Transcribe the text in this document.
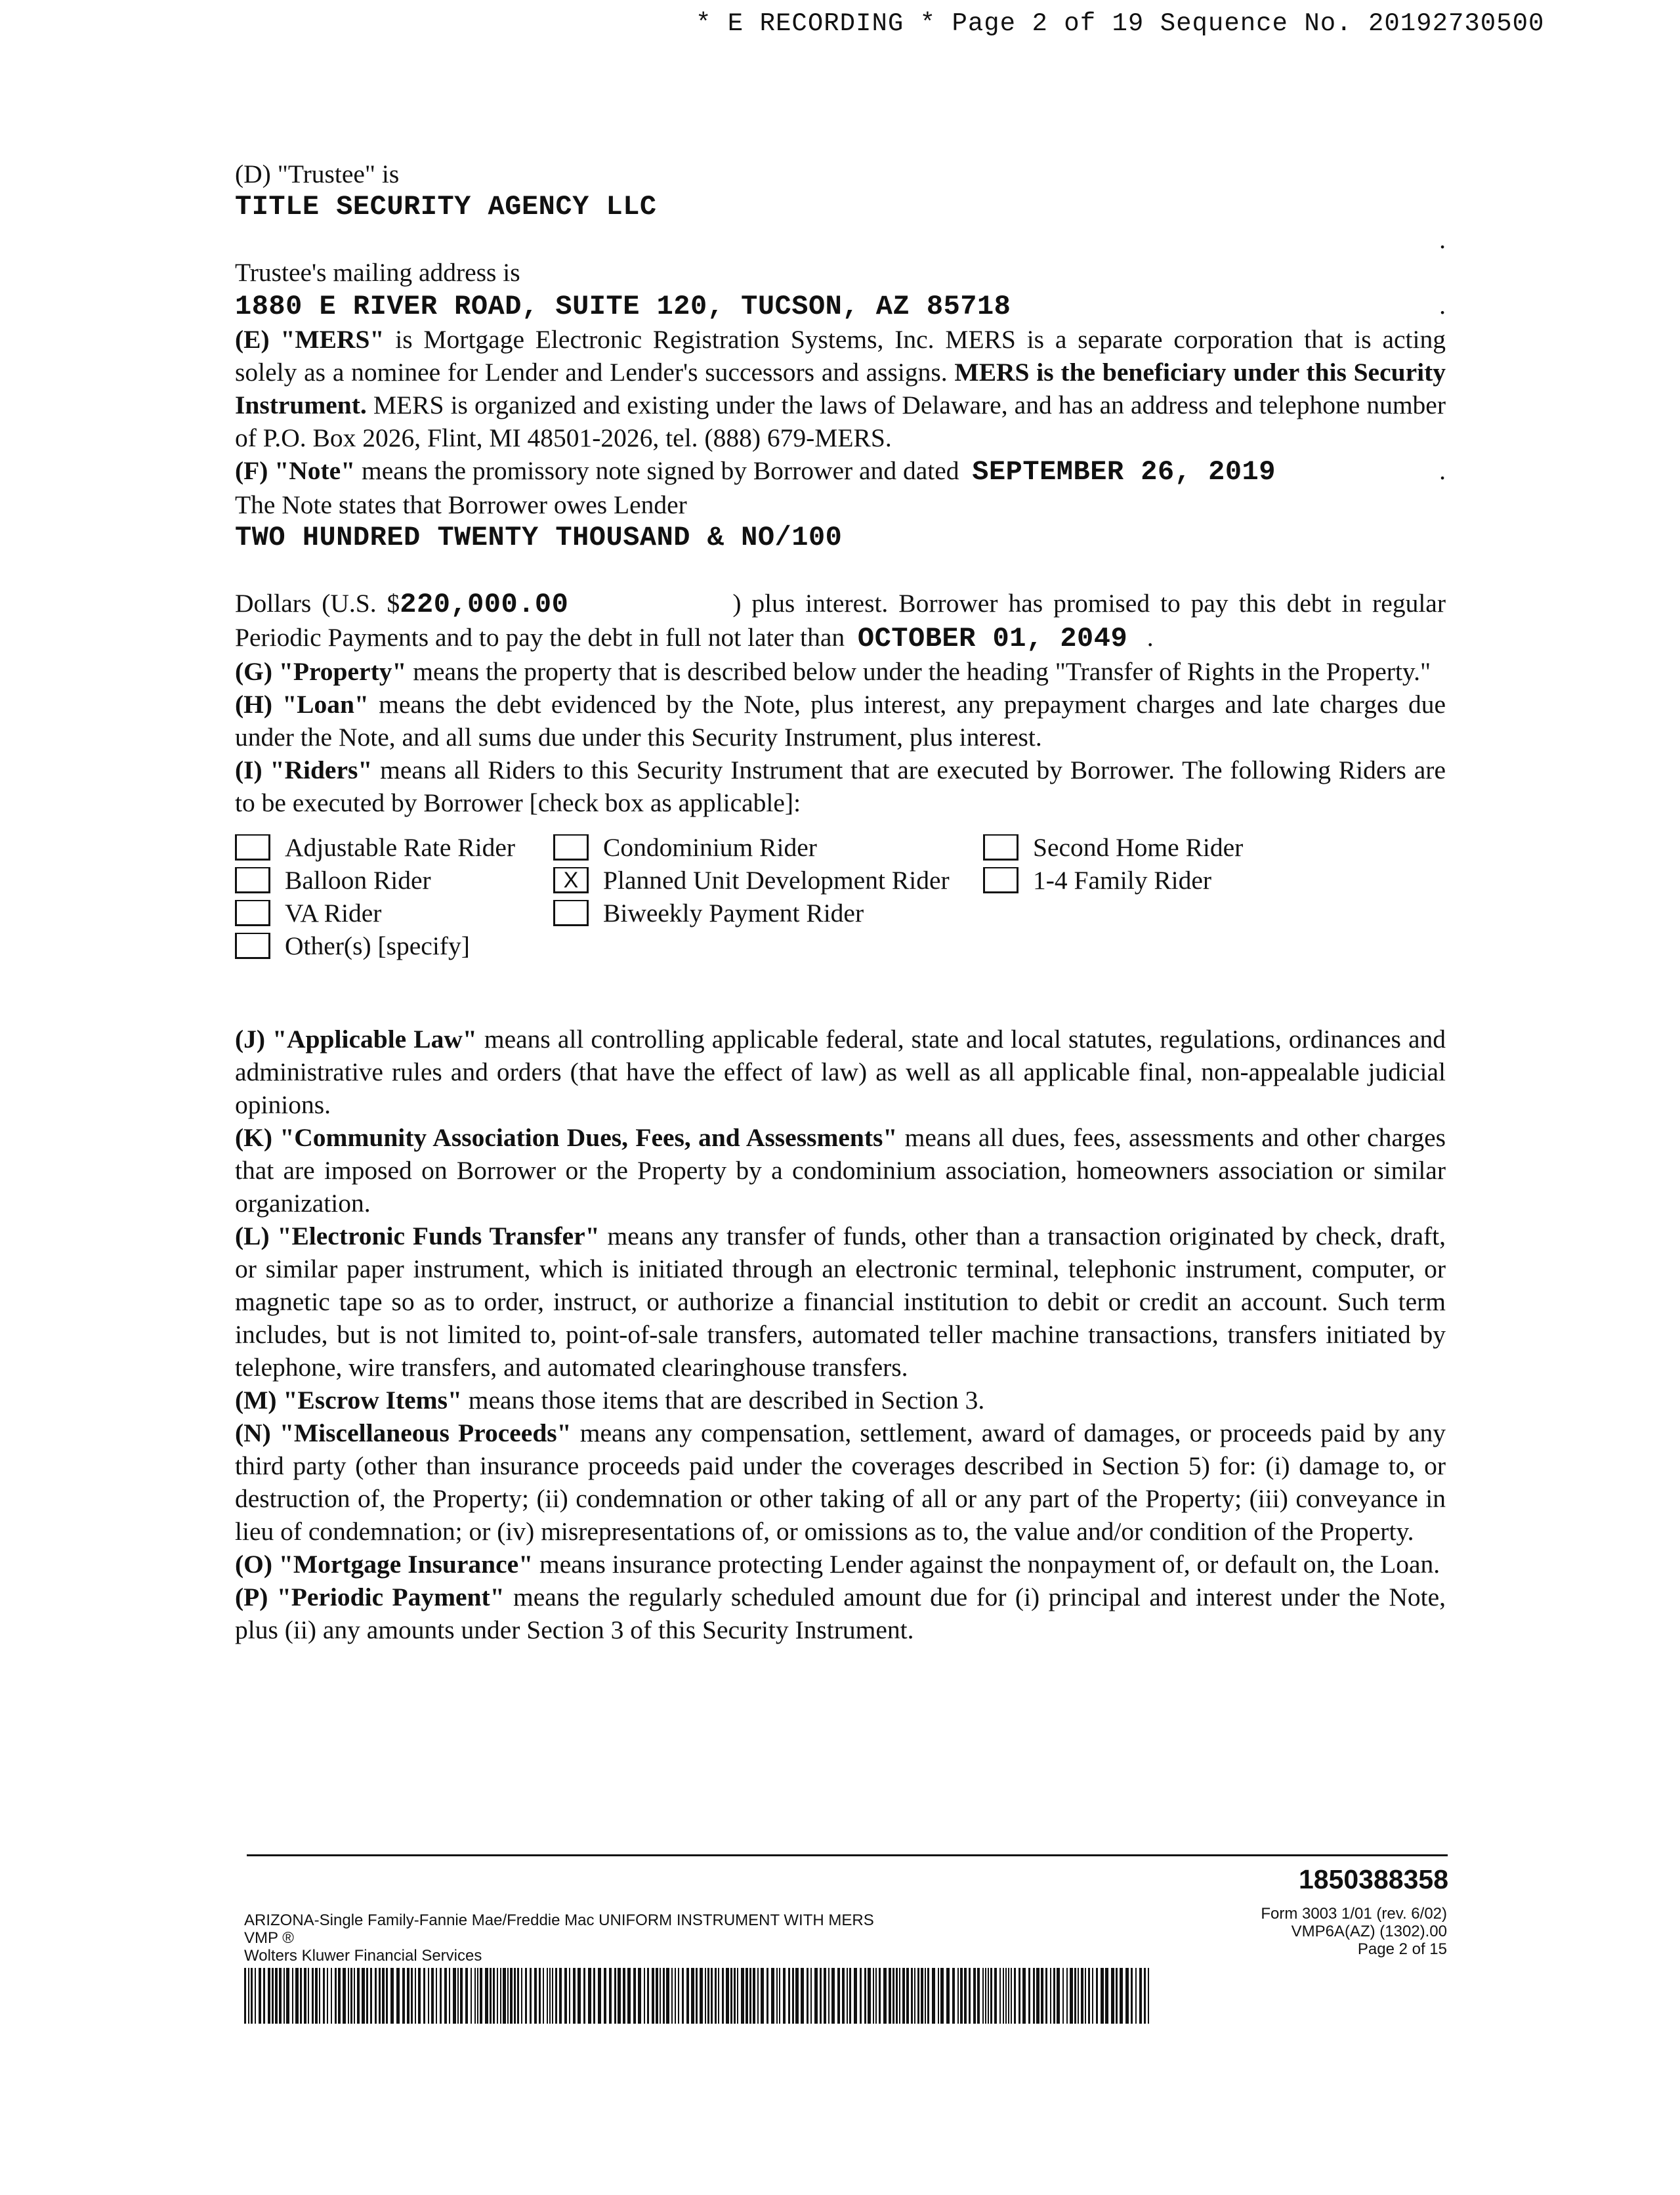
* E RECORDING * Page 2 of 19 Sequence No. 20192730500

(D) "Trustee" is

TITLE SECURITY AGENCY LLC

.

Trustee's mailing address is

1880 E RIVER ROAD, SUITE 120, TUCSON, AZ 85718	.

(E) "MERS" is Mortgage Electronic Registration Systems, Inc. MERS is a separate corporation that is acting solely as a nominee for Lender and Lender's successors and assigns. MERS is the beneficiary under this Security Instrument. MERS is organized and existing under the laws of Delaware, and has an address and telephone number of P.O. Box 2026, Flint, MI 48501-2026, tel. (888) 679-MERS.

(F) "Note" means the promissory note signed by Borrower and dated SEPTEMBER 26, 2019	.

The Note states that Borrower owes Lender

TWO HUNDRED TWENTY THOUSAND & NO/100

Dollars (U.S. $220,000.00	) plus interest. Borrower has promised to pay this debt in regular Periodic Payments and to pay the debt in full not later than OCTOBER 01, 2049   .

(G) "Property" means the property that is described below under the heading "Transfer of Rights in the Property."

(H) "Loan" means the debt evidenced by the Note, plus interest, any prepayment charges and late charges due under the Note, and all sums due under this Security Instrument, plus interest.

(I) "Riders" means all Riders to this Security Instrument that are executed by Borrower. The following Riders are to be executed by Borrower [check box as applicable]:

Adjustable Rate Rider	Condominium Rider	Second Home Rider
Balloon Rider	X Planned Unit Development Rider	1-4 Family Rider
VA Rider	Biweekly Payment Rider
Other(s) [specify]

(J) "Applicable Law" means all controlling applicable federal, state and local statutes, regulations, ordinances and administrative rules and orders (that have the effect of law) as well as all applicable final, non-appealable judicial opinions.

(K) "Community Association Dues, Fees, and Assessments" means all dues, fees, assessments and other charges that are imposed on Borrower or the Property by a condominium association, homeowners association or similar organization.

(L) "Electronic Funds Transfer" means any transfer of funds, other than a transaction originated by check, draft, or similar paper instrument, which is initiated through an electronic terminal, telephonic instrument, computer, or magnetic tape so as to order, instruct, or authorize a financial institution to debit or credit an account. Such term includes, but is not limited to, point-of-sale transfers, automated teller machine transactions, transfers initiated by telephone, wire transfers, and automated clearinghouse transfers.

(M) "Escrow Items" means those items that are described in Section 3.

(N) "Miscellaneous Proceeds" means any compensation, settlement, award of damages, or proceeds paid by any third party (other than insurance proceeds paid under the coverages described in Section 5) for: (i) damage to, or destruction of, the Property; (ii) condemnation or other taking of all or any part of the Property; (iii) conveyance in lieu of condemnation; or (iv) misrepresentations of, or omissions as to, the value and/or condition of the Property.

(O) "Mortgage Insurance" means insurance protecting Lender against the nonpayment of, or default on, the Loan.

(P) "Periodic Payment" means the regularly scheduled amount due for (i) principal and interest under the Note, plus (ii) any amounts under Section 3 of this Security Instrument.

1850388358
ARIZONA-Single Family-Fannie Mae/Freddie Mac UNIFORM INSTRUMENT WITH MERS
VMP ®
Wolters Kluwer Financial Services
Form 3003 1/01 (rev. 6/02)
VMP6A(AZ) (1302).00
Page 2 of 15
